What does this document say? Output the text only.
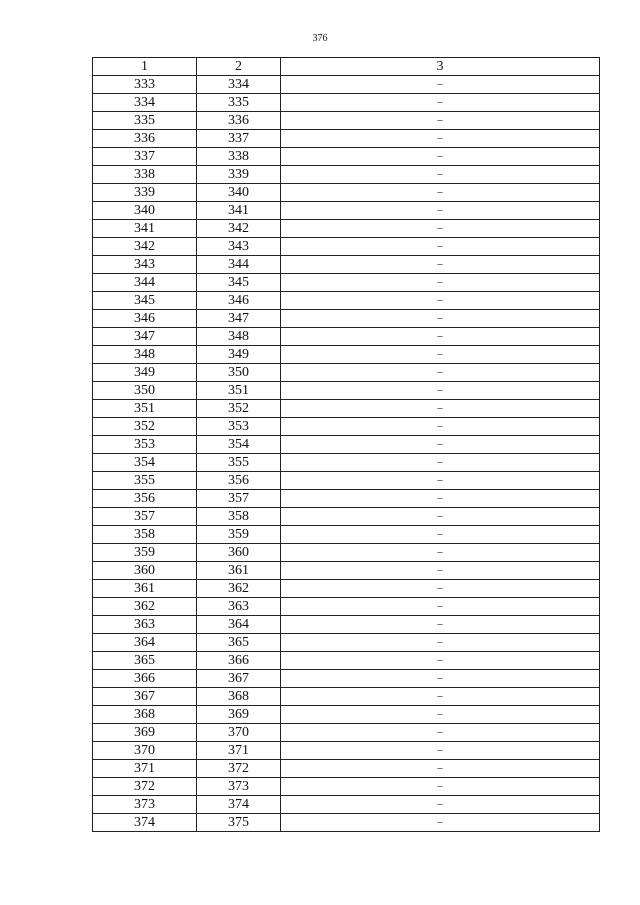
376
1	2	3
333	334	–
334	335	–
335	336	–
336	337	–
337	338	–
338	339	–
339	340	–
340	341	–
341	342	–
342	343	–
343	344	–
344	345	–
345	346	–
346	347	–
347	348	–
348	349	–
349	350	–
350	351	–
351	352	–
352	353	–
353	354	–
354	355	–
355	356	–
356	357	–
357	358	–
358	359	–
359	360	–
360	361	–
361	362	–
362	363	–
363	364	–
364	365	–
365	366	–
366	367	–
367	368	–
368	369	–
369	370	–
370	371	–
371	372	–
372	373	–
373	374	–
374	375	–
